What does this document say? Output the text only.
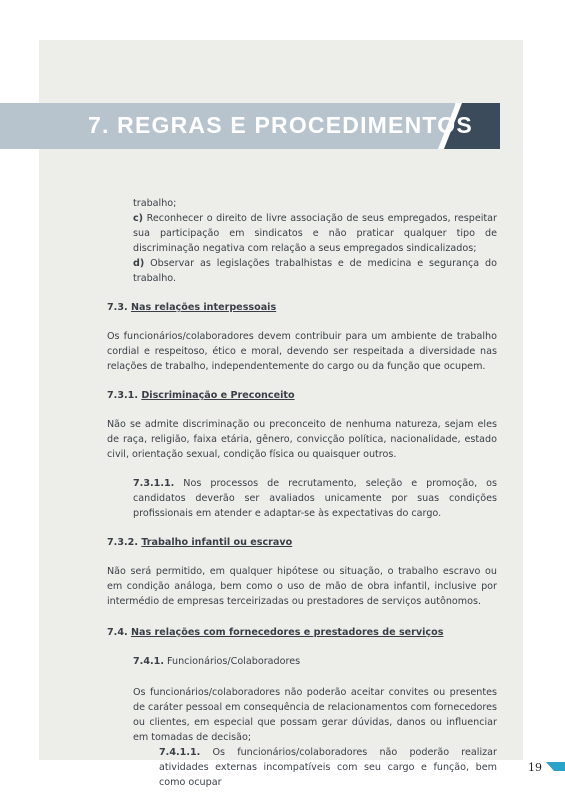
7. REGRAS E PROCEDIMENTOS

trabalho;

c) Reconhecer o direito de livre associação de seus empregados, respeitar sua participação em sindicatos e não praticar qualquer tipo de discriminação negativa com relação a seus empregados sindicalizados;

d) Observar as legislações trabalhistas e de medicina e segurança do trabalho.

7.3. Nas relações interpessoais

Os funcionários/colaboradores devem contribuir para um ambiente de trabalho cordial e respeitoso, ético e moral, devendo ser respeitada a diversidade nas relações de trabalho, independentemente do cargo ou da função que ocupem.

7.3.1. Discriminação e Preconceito

Não se admite discriminação ou preconceito de nenhuma natureza, sejam eles de raça, religião, faixa etária, gênero, convicção política, nacionalidade, estado civil, orientação sexual, condição física ou quaisquer outros.

7.3.1.1. Nos processos de recrutamento, seleção e promoção, os candidatos deverão ser avaliados unicamente por suas condições profissionais em atender e adaptar-se às expectativas do cargo.

7.3.2. Trabalho infantil ou escravo

Não será permitido, em qualquer hipótese ou situação, o trabalho escravo ou em condição análoga, bem como o uso de mão de obra infantil, inclusive por intermédio de empresas terceirizadas ou prestadores de serviços autônomos.

7.4. Nas relações com fornecedores e prestadores de serviços

7.4.1. Funcionários/Colaboradores

Os funcionários/colaboradores não poderão aceitar convites ou presentes de caráter pessoal em consequência de relacionamentos com fornecedores ou clientes, em especial que possam gerar dúvidas, danos ou influenciar em tomadas de decisão;

7.4.1.1. Os funcionários/colaboradores não poderão realizar atividades externas incompatíveis com seu cargo e função, bem como ocupar

19
